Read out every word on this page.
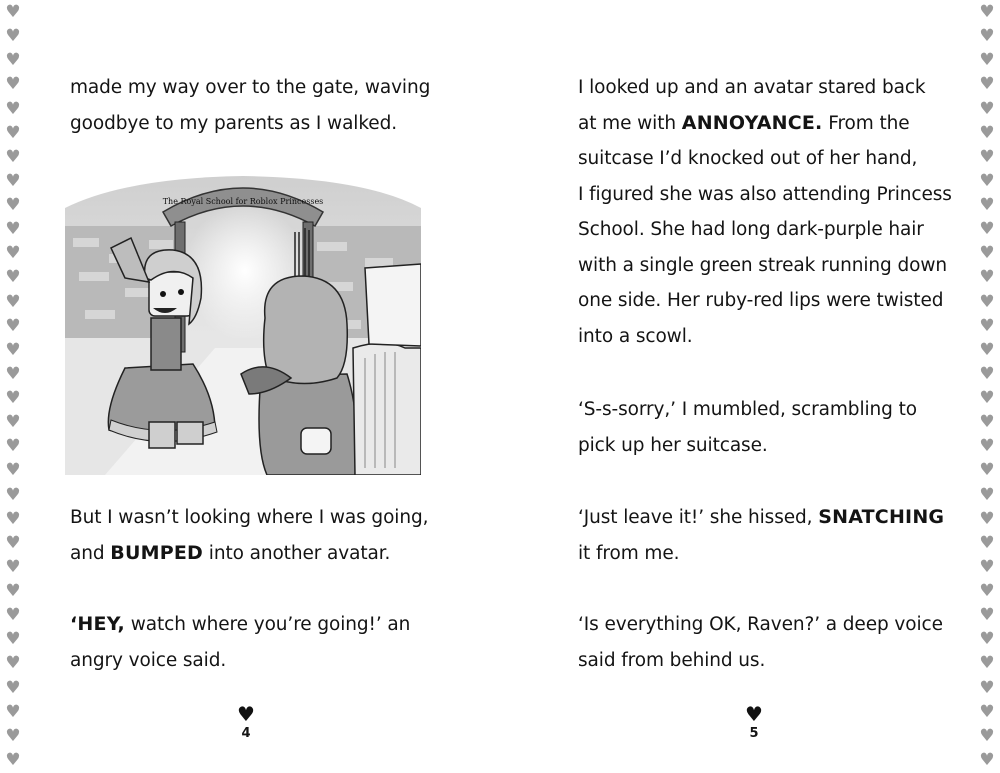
♥
♥
♥
♥
♥
♥
♥
♥
♥
♥
♥
♥
♥
♥
♥
♥
♥
♥
♥
♥
♥
♥
♥
♥
♥
♥
♥
♥
♥
♥
♥
♥
♥
♥
♥
♥
♥
♥
♥
♥
♥
♥
♥
♥
♥
♥
♥
♥
♥
♥
♥
♥
♥
♥
♥
♥
♥
♥
♥
♥
♥
♥
♥
♥
made my way over to the gate, waving
goodbye to my parents as I walked.
The Royal School for Roblox Princesses
But I wasn’t looking where I was going,
and BUMPED into another avatar.
‘HEY, watch where you’re going!’ an
angry voice said.
♥
4
I looked up and an avatar stared back
at me with ANNOYANCE. From the
suitcase I’d knocked out of her hand,
I figured she was also attending Princess
School. She had long dark-purple hair
with a single green streak running down
one side. Her ruby-red lips were twisted
into a scowl.
‘S-s-sorry,’ I mumbled, scrambling to
pick up her suitcase.
‘Just leave it!’ she hissed, SNATCHING
it from me.
‘Is everything OK, Raven?’ a deep voice
said from behind us.
♥
5
